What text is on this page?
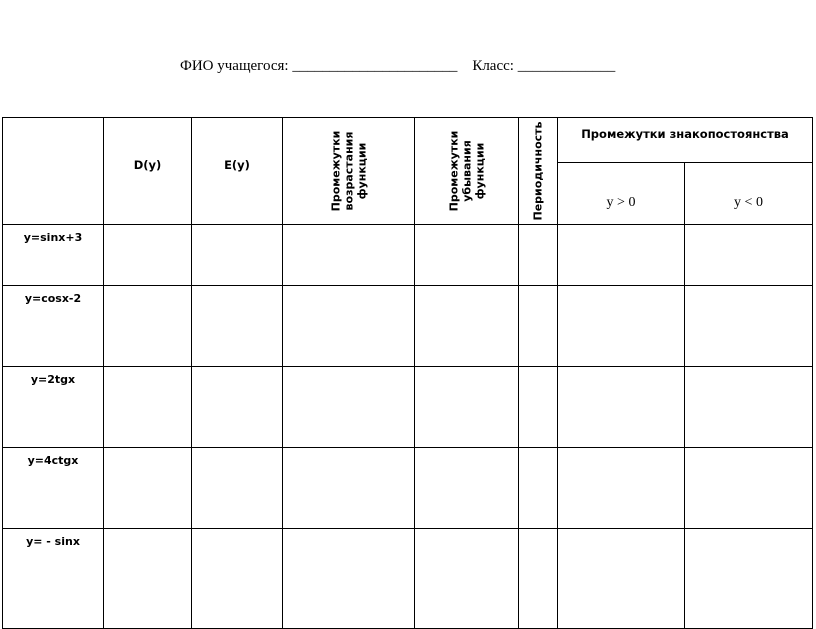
ФИО учащегося: ______________________ Класс: _____________

	D(y)	E(y)	Промежутки
возрастания
функции	Промежутки
убывания
функции	Периодичность	Промежутки знакопостоянства	

						y > 0	y < 0

y=sinx+3							

y=cosx-2							

y=2tgx							

y=4ctgx							

y= - sinx							
